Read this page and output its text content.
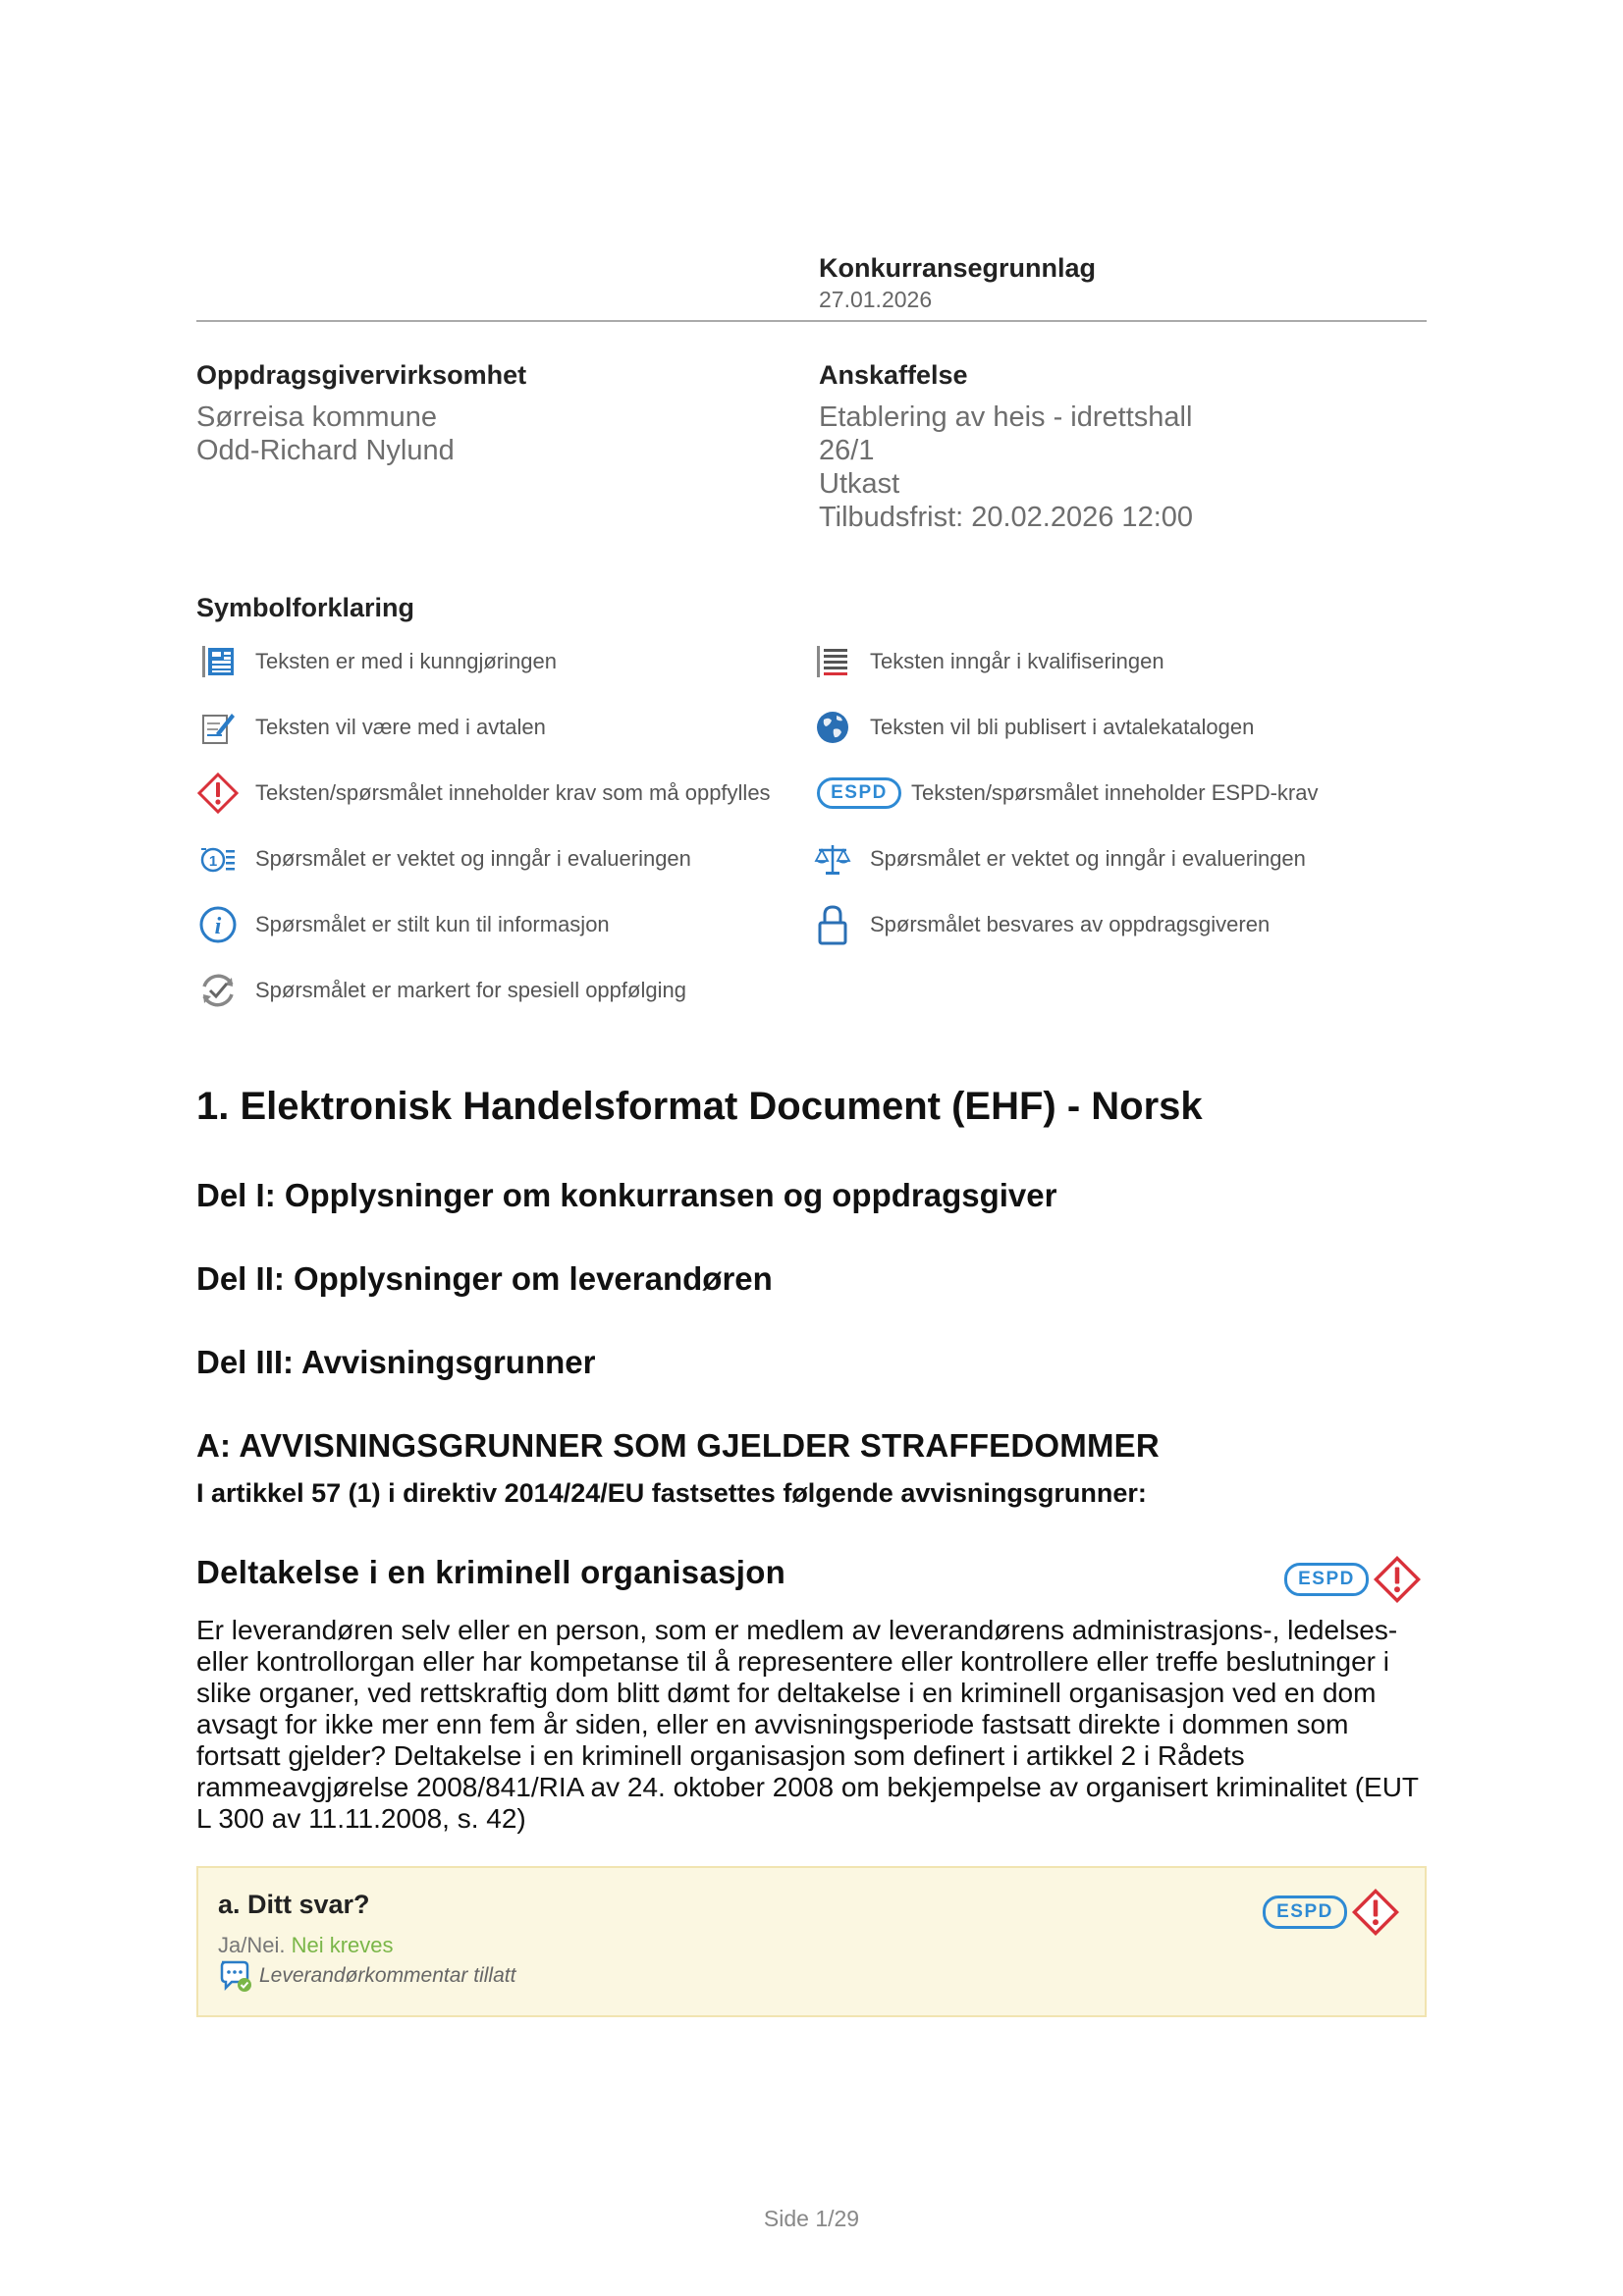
Konkurransegrunnlag
27.01.2026
Oppdragsgivervirksomhet
Sørreisa kommune
Odd-Richard Nylund
Anskaffelse
Etablering av heis - idrettshall
26/1
Utkast
Tilbudsfrist: 20.02.2026 12:00
Symbolforklaring
Teksten er med i kunngjøringen	Teksten inngår i kvalifiseringen
Teksten vil være med i avtalen	Teksten vil bli publisert i avtalekatalogen
Teksten/spørsmålet inneholder krav som må oppfylles	ESPD	Teksten/spørsmålet inneholder ESPD-krav
1 Spørsmålet er vektet og inngår i evalueringen	Spørsmålet er vektet og inngår i evalueringen
i Spørsmålet er stilt kun til informasjon	Spørsmålet besvares av oppdragsgiveren
Spørsmålet er markert for spesiell oppfølging
1. Elektronisk Handelsformat Document (EHF) - Norsk
Del I: Opplysninger om konkurransen og oppdragsgiver
Del II: Opplysninger om leverandøren
Del III: Avvisningsgrunner
A: AVVISNINGSGRUNNER SOM GJELDER STRAFFEDOMMER
I artikkel 57 (1) i direktiv 2014/24/EU fastsettes følgende avvisningsgrunner:
Deltakelse i en kriminell organisasjon	ESPD
Er leverandøren selv eller en person, som er medlem av leverandørens administrasjons-, ledelses-
eller kontrollorgan eller har kompetanse til å representere eller kontrollere eller treffe beslutninger i
slike organer, ved rettskraftig dom blitt dømt for deltakelse i en kriminell organisasjon ved en dom
avsagt for ikke mer enn fem år siden, eller en avvisningsperiode fastsatt direkte i dommen som
fortsatt gjelder? Deltakelse i en kriminell organisasjon som definert i artikkel 2 i Rådets
rammeavgjørelse 2008/841/RIA av 24. oktober 2008 om bekjempelse av organisert kriminalitet (EUT
L 300 av 11.11.2008, s. 42)
a. Ditt svar?
Ja/Nei. Nei kreves
Leverandørkommentar tillatt
ESPD
Side 1/29
